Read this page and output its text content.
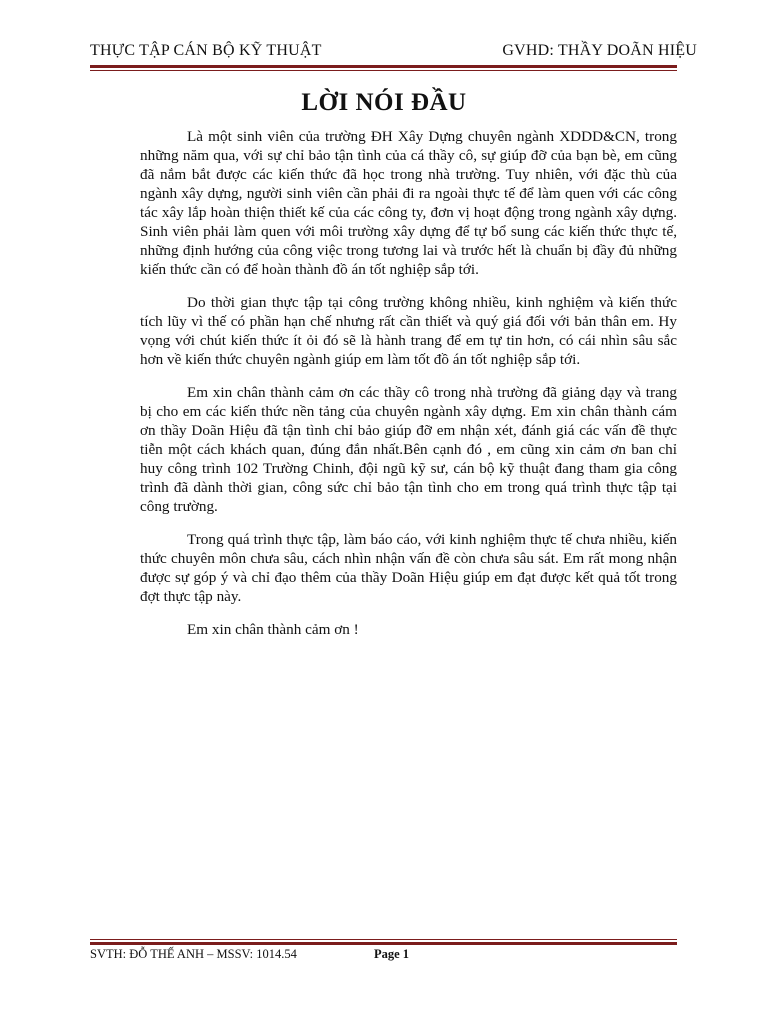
THỰC TẬP CÁN BỘ KỸ THUẬT	GVHD: THẦY DOÃN HIỆU
LỜI NÓI ĐẦU

Là một sinh viên của trường ĐH Xây Dựng chuyên ngành XDDD&CN, trong những năm qua, với sự chỉ bảo tận tình của cá thầy cô, sự giúp đỡ của bạn bè, em cũng đã nắm bắt được các kiến thức đã học trong nhà trường. Tuy nhiên, với đặc thù của ngành xây dựng, người sinh viên cần phải đi ra ngoài thực tế để làm quen với các công tác xây lắp hoàn thiện thiết kế của các công ty, đơn vị hoạt động trong ngành xây dựng. Sinh viên phải làm quen với môi trường xây dựng để tự bổ sung các kiến thức thực tế, những định hướng của công việc trong tương lai và trước hết là chuẩn bị đầy đủ những kiến thức cần có để hoàn thành đồ án tốt nghiệp sắp tới.

Do thời gian thực tập tại công trường không nhiều, kinh nghiệm và kiến thức tích lũy vì thế có phần hạn chế nhưng rất cần thiết và quý giá đối với bản thân em. Hy vọng với chút kiến thức ít ỏi đó sẽ là hành trang để em tự tin hơn, có cái nhìn sâu sắc hơn về kiến thức chuyên ngành giúp em làm tốt đồ án tốt nghiệp sắp tới.

Em xin chân thành cảm ơn các thầy cô trong nhà trường đã giảng dạy và trang bị cho em các kiến thức nền tảng của chuyên ngành xây dựng. Em xin chân thành cám ơn thầy Doãn Hiệu đã tận tình chỉ bảo giúp đỡ em nhận xét, đánh giá các vấn đề thực tiễn một cách khách quan, đúng đắn nhất.Bên cạnh đó , em cũng xin cảm ơn ban chỉ huy công trình 102 Trường Chinh, đội ngũ kỹ sư, cán bộ kỹ thuật đang tham gia công trình đã dành thời gian, công sức chỉ bảo tận tình cho em trong quá trình thực tập tại công trường.

Trong quá trình thực tập, làm báo cáo, với kinh nghiệm thực tế chưa nhiều, kiến thức chuyên môn chưa sâu, cách nhìn nhận vấn đề còn chưa sâu sát. Em rất mong nhận được sự góp ý và chỉ đạo thêm của thầy Doãn Hiệu giúp em đạt được kết quả tốt trong đợt thực tập này.

Em xin chân thành cảm ơn !

SVTH: ĐỖ THẾ ANH – MSSV: 1014.54	Page 1
